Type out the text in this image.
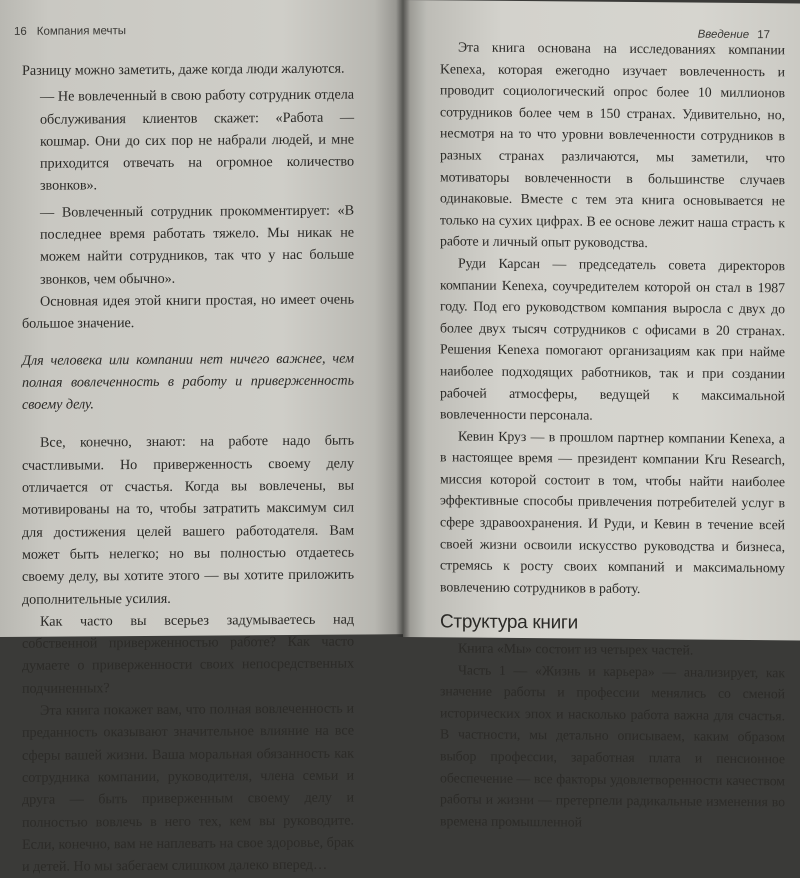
16 Компания мечты

Разницу можно заметить, даже когда люди жалуются.

— Не вовлеченный в свою работу сотрудник отдела обслуживания клиентов скажет: «Работа — кошмар. Они до сих пор не набрали людей, и мне приходится отвечать на огромное количество звонков».

— Вовлеченный сотрудник прокомментирует: «В последнее время работать тяжело. Мы никак не можем найти сотрудников, так что у нас больше звонков, чем обычно».

Основная идея этой книги простая, но имеет очень большое значение.

Для человека или компании нет ничего важнее, чем полная вовлеченность в работу и приверженность своему делу.

Все, конечно, знают: на работе надо быть счастливыми. Но приверженность своему делу отличается от счастья. Когда вы вовлечены, вы мотивированы на то, чтобы затратить максимум сил для достижения целей вашего работодателя. Вам может быть нелегко; но вы полностью отдаетесь своему делу, вы хотите этого — вы хотите приложить дополнительные усилия.

Как часто вы всерьез задумываетесь над собственной приверженностью работе? Как часто думаете о приверженности своих непосредственных подчиненных?

Эта книга покажет вам, что полная вовлеченность и преданность оказывают значительное влияние на все сферы вашей жизни. Ваша моральная обязанность как сотрудника компании, руководителя, члена семьи и друга — быть приверженным своему делу и полностью вовлечь в него тех, кем вы руководите. Если, конечно, вам не наплевать на свое здоровье, брак и детей. Но мы забегаем слишком далеко вперед…

Введение 17

Эта книга основана на исследованиях компании Kenexa, которая ежегодно изучает вовлеченность и проводит социологический опрос более 10 миллионов сотрудников более чем в 150 странах. Удивительно, но, несмотря на то что уровни вовлеченности сотрудников в разных странах различаются, мы заметили, что мотиваторы вовлеченности в большинстве случаев одинаковые. Вместе с тем эта книга основывается не только на сухих цифрах. В ее основе лежит наша страсть к работе и личный опыт руководства.

Руди Карсан — председатель совета директоров компании Kenexa, соучредителем которой он стал в 1987 году. Под его руководством компания выросла с двух до более двух тысяч сотрудников с офисами в 20 странах. Решения Kenexa помогают организациям как при найме наиболее подходящих работников, так и при создании рабочей атмосферы, ведущей к максимальной вовлеченности персонала.

Кевин Круз — в прошлом партнер компании Kenexa, а в настоящее время — президент компании Kru Research, миссия которой состоит в том, чтобы найти наиболее эффективные способы привлечения потребителей услуг в сфере здравоохранения. И Руди, и Кевин в течение всей своей жизни освоили искусство руководства и бизнеса, стремясь к росту своих компаний и максимальному вовлечению сотрудников в работу.

Структура книги

Книга «Мы» состоит из четырех частей.

Часть 1 — «Жизнь и карьера» — анализирует, как значение работы и профессии менялись со сменой исторических эпох и насколько работа важна для счастья. В частности, мы детально описываем, каким образом выбор профессии, заработная плата и пенсионное обеспечение — все факторы удовлетворенности качеством работы и жизни — претерпели радикальные изменения во времена промышленной
